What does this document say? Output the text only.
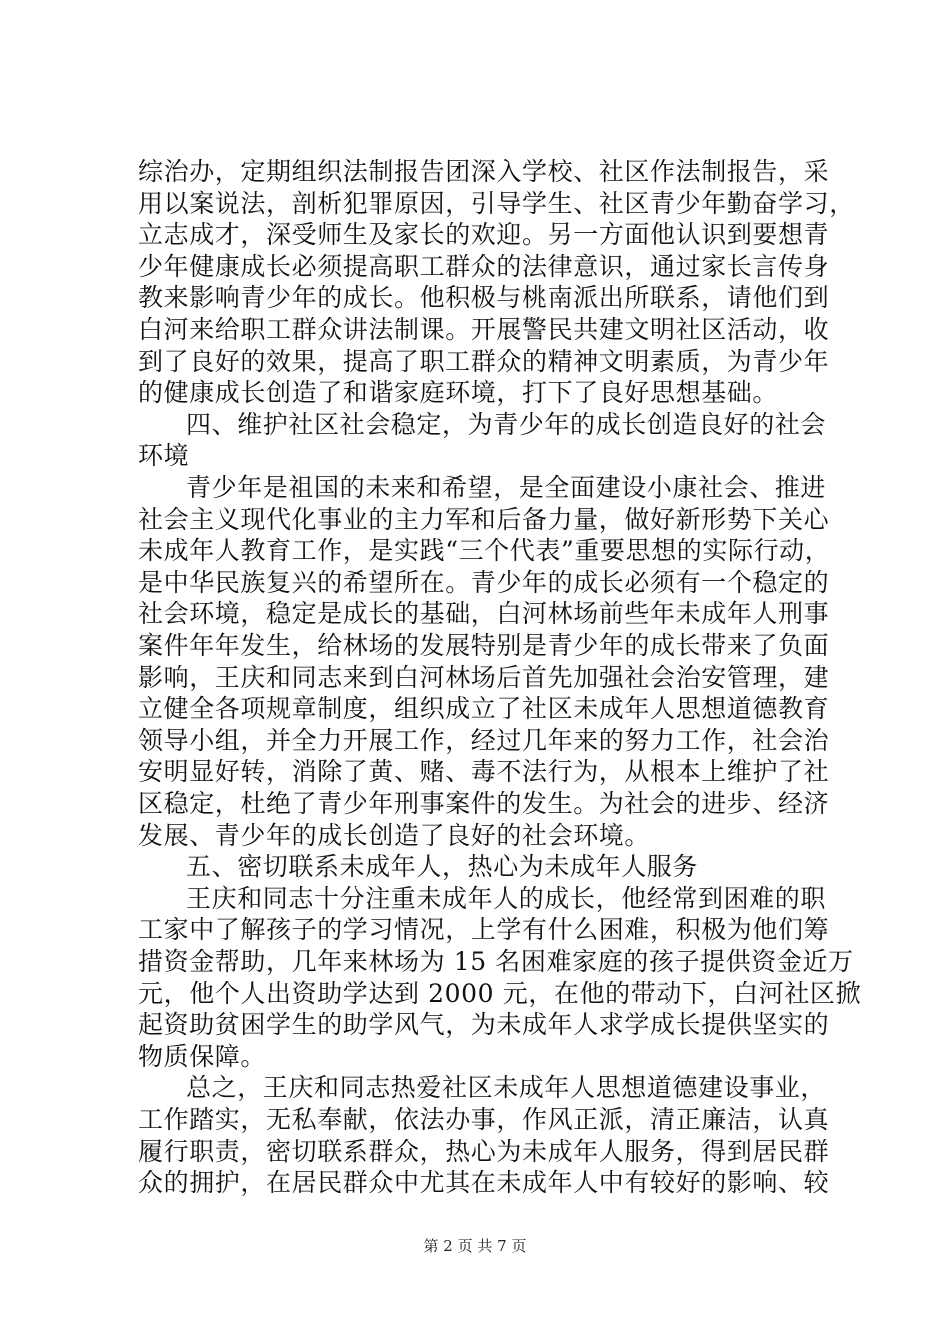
综治办，定期组织法制报告团深入学校、社区作法制报告，采
用以案说法，剖析犯罪原因，引导学生、社区青少年勤奋学习，
立志成才，深受师生及家长的欢迎。另一方面他认识到要想青
少年健康成长必须提高职工群众的法律意识，通过家长言传身
教来影响青少年的成长。他积极与桃南派出所联系，请他们到
白河来给职工群众讲法制课。开展警民共建文明社区活动，收
到了良好的效果，提高了职工群众的精神文明素质，为青少年
的健康成长创造了和谐家庭环境，打下了良好思想基础。
四、维护社区社会稳定，为青少年的成长创造良好的社会
环境
青少年是祖国的未来和希望，是全面建设小康社会、推进
社会主义现代化事业的主力军和后备力量，做好新形势下关心
未成年人教育工作，是实践“三个代表”重要思想的实际行动，
是中华民族复兴的希望所在。青少年的成长必须有一个稳定的
社会环境，稳定是成长的基础，白河林场前些年未成年人刑事
案件年年发生，给林场的发展特别是青少年的成长带来了负面
影响，王庆和同志来到白河林场后首先加强社会治安管理，建
立健全各项规章制度，组织成立了社区未成年人思想道德教育
领导小组，并全力开展工作，经过几年来的努力工作，社会治
安明显好转，消除了黄、赌、毒不法行为，从根本上维护了社
区稳定，杜绝了青少年刑事案件的发生。为社会的进步、经济
发展、青少年的成长创造了良好的社会环境。
五、密切联系未成年人，热心为未成年人服务
王庆和同志十分注重未成年人的成长，他经常到困难的职
工家中了解孩子的学习情况，上学有什么困难，积极为他们筹
措资金帮助，几年来林场为 15 名困难家庭的孩子提供资金近万
元，他个人出资助学达到 2000 元，在他的带动下，白河社区掀
起资助贫困学生的助学风气，为未成年人求学成长提供坚实的
物质保障。
总之，王庆和同志热爱社区未成年人思想道德建设事业，
工作踏实，无私奉献，依法办事，作风正派，清正廉洁，认真
履行职责，密切联系群众，热心为未成年人服务，得到居民群
众的拥护，在居民群众中尤其在未成年人中有较好的影响、较
第 2 页 共 7 页
